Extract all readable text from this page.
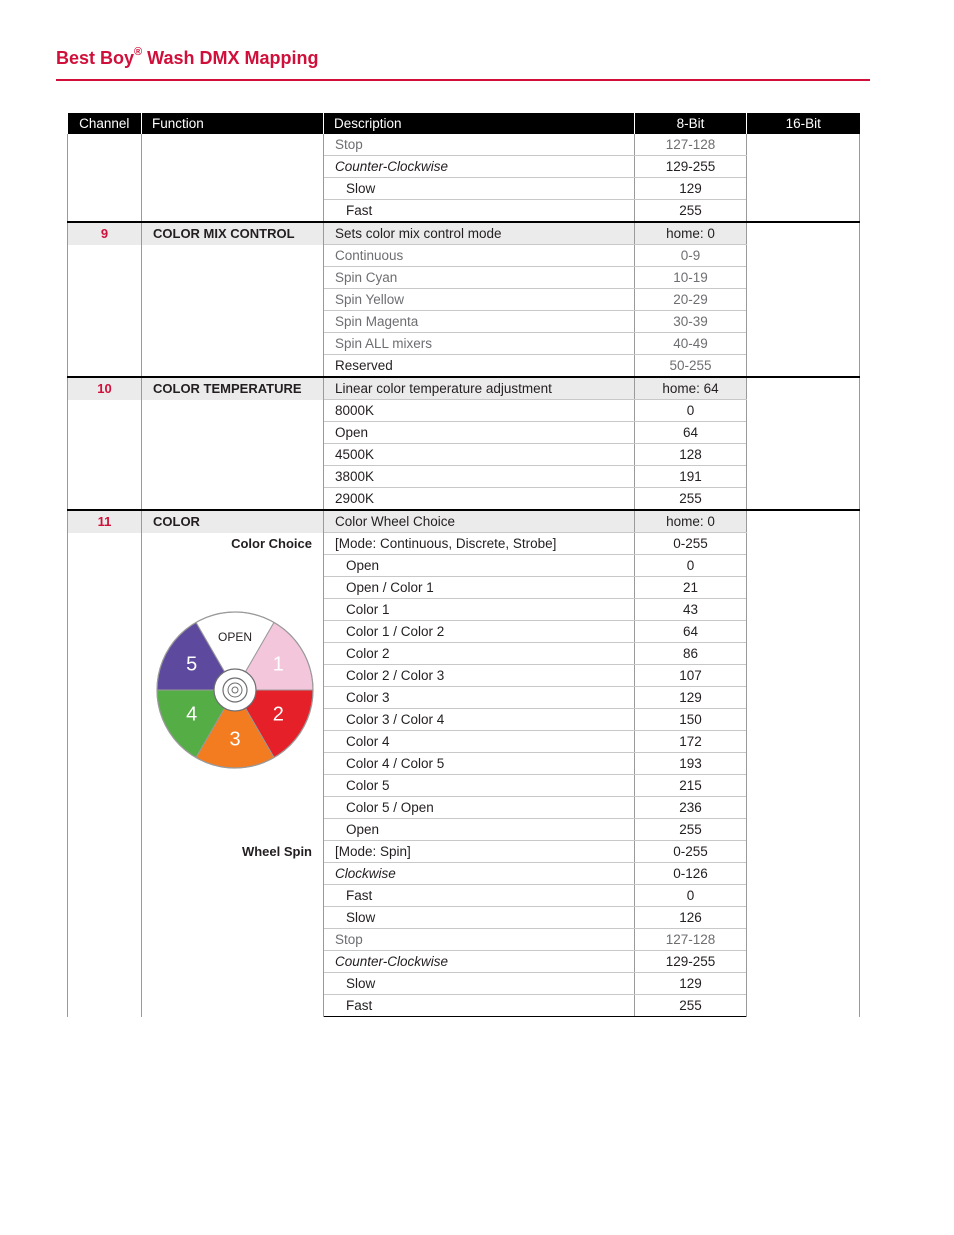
Best Boy® Wash DMX Mapping
Channel	Function	Description	8-Bit	16-Bit
		Stop	127-128	
		Counter-Clockwise	129-255	
		Slow	129	
		Fast	255	
9	COLOR MIX CONTROL	Sets color mix control mode	home: 0	
		Continuous	0-9	
		Spin Cyan	10-19	
		Spin Yellow	20-29	
		Spin Magenta	30-39	
		Spin ALL mixers	40-49	
		Reserved	50-255	
10	COLOR TEMPERATURE	Linear color temperature adjustment	home: 64	
		8000K	0	
		Open	64	
		4500K	128	
		3800K	191	
		2900K	255	
11	COLOR	Color Wheel Choice	home: 0	
	Color Choice	[Mode: Continuous, Discrete, Strobe]	0-255	
		Open	0	
		Open / Color 1	21	
		Color 1	43	
		Color 1 / Color 2	64	
		Color 2	86	
		Color 2 / Color 3	107	
		Color 3	129	
		Color 3 / Color 4	150	
		Color 4	172	
		Color 4 / Color 5	193	
		Color 5	215	
		Color 5 / Open	236	
		Open	255	
	Wheel Spin	[Mode: Spin]	0-255	
		Clockwise	0-126	
		Fast	0	
		Slow	126	
		Stop	127-128	
		Counter-Clockwise	129-255	
		Slow	129	
		Fast	255	
OPEN
1
2
3
4
5
